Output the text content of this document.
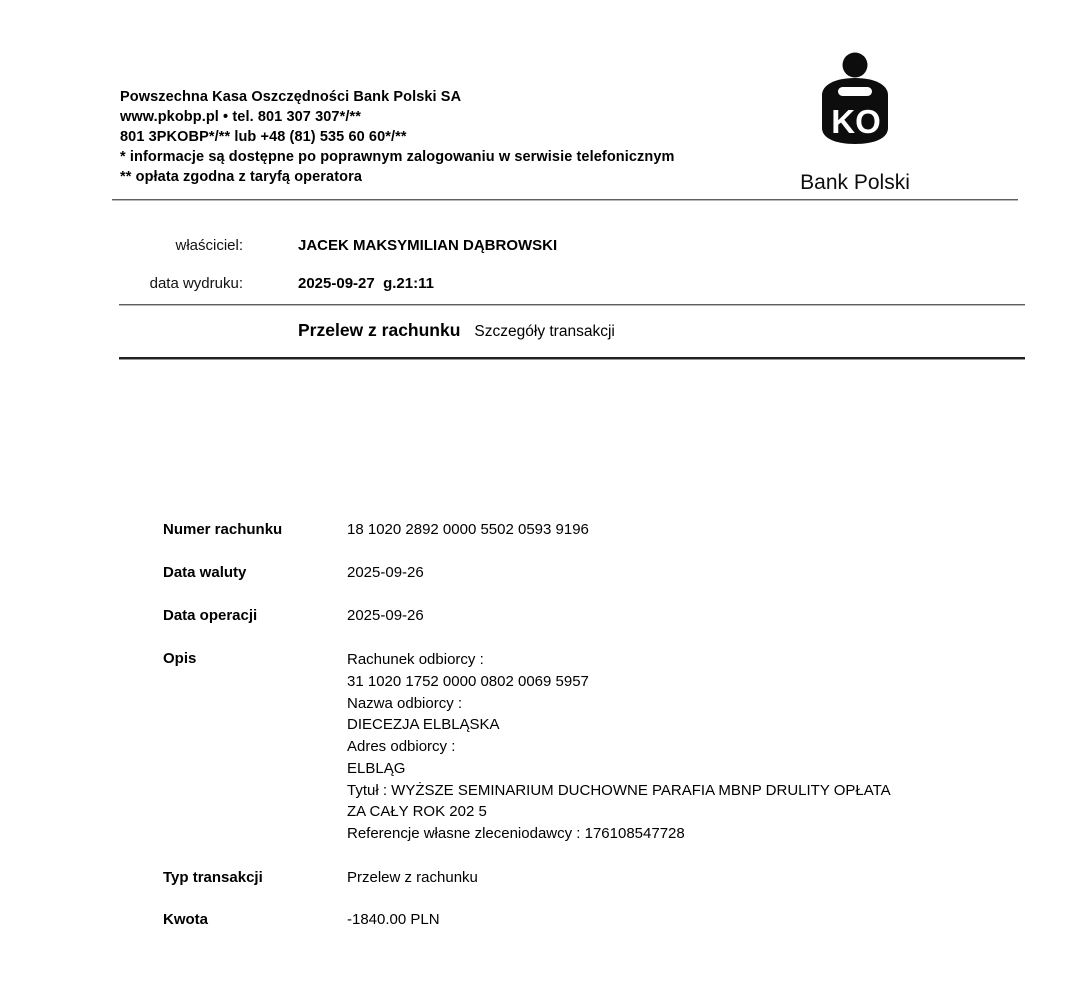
Powszechna Kasa Oszczędności Bank Polski SA
www.pkobp.pl • tel. 801 307 307*/**
801 3PKOBP*/** lub +48 (81) 535 60 60*/**
* informacje są dostępne po poprawnym zalogowaniu w serwisie telefonicznym
** opłata zgodna z taryfą operatora
KO
Bank Polski
właściciel:	JACEK MAKSYMILIAN DĄBROWSKI
data wydruku:	2025-09-27  g.21:11
Przelew z rachunku Szczegóły transakcji
Numer rachunku	18 1020 2892 0000 5502 0593 9196
Data waluty	2025-09-26
Data operacji	2025-09-26
Opis	Rachunek odbiorcy :
31 1020 1752 0000 0802 0069 5957
Nazwa odbiorcy :
DIECEZJA ELBLĄSKA
Adres odbiorcy :
ELBLĄG
Tytuł : WYŻSZE SEMINARIUM DUCHOWNE PARAFIA MBNP DRULITY OPŁATA
ZA CAŁY ROK 202 5
Referencje własne zleceniodawcy : 176108547728
Typ transakcji	Przelew z rachunku
Kwota	-1840.00 PLN
